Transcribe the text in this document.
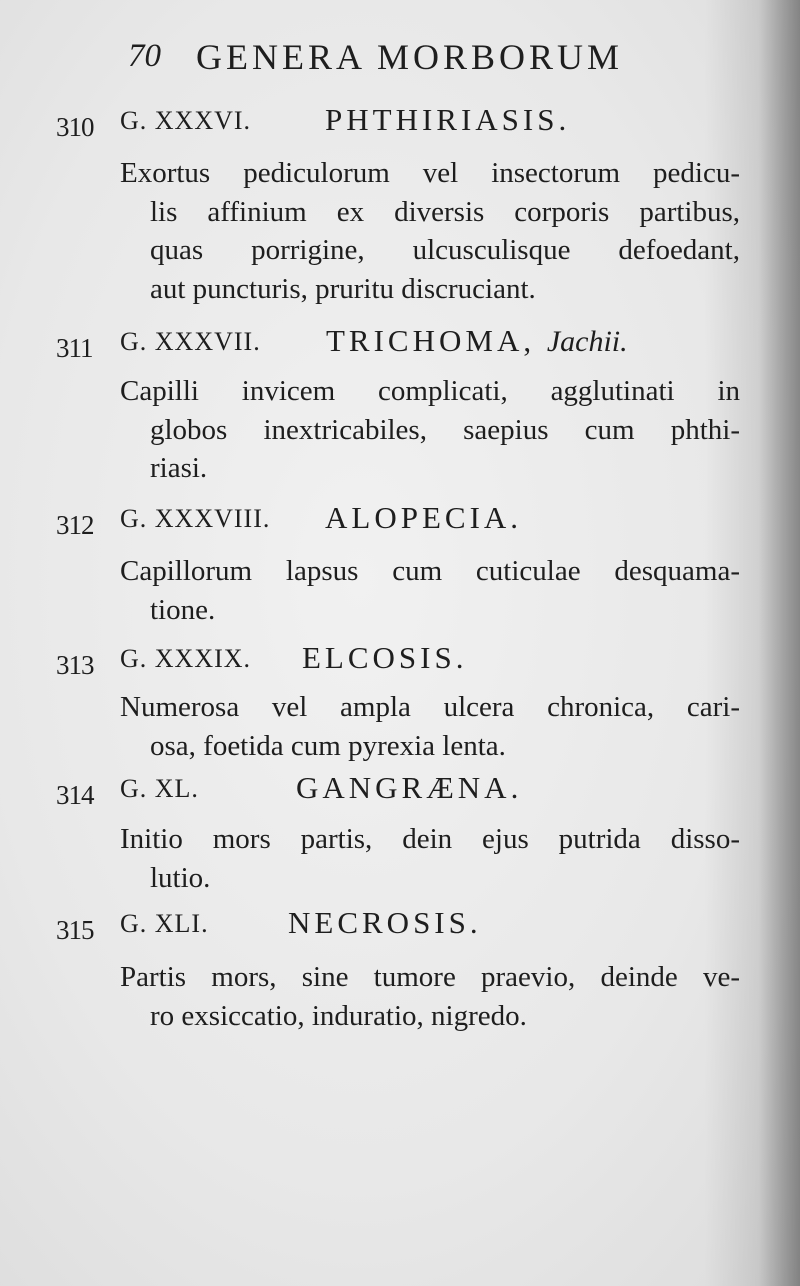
70 GENERA MORBORUM
310 G. XXXVI. PHTHIRIASIS.
Exortus pediculorum vel insectorum pedicu-
lis affinium ex diversis corporis partibus,
quas porrigine, ulcusculisque defoedant,
aut puncturis, pruritu discruciant.
311 G. XXXVII. TRICHOMA, Jachii.
Capilli invicem complicati, agglutinati in
globos inextricabiles, saepius cum phthi-
riasi.
312 G. XXXVIII. ALOPECIA.
Capillorum lapsus cum cuticulae desquama-
tione.
313 G. XXXIX. ELCOSIS.
Numerosa vel ampla ulcera chronica, cari-
osa, foetida cum pyrexia lenta.
314 G. XL.	GANGRÆNA.
Initio mors partis, dein ejus putrida disso-
lutio.
315 G. XLI.	NECROSIS.
Partis mors, sine tumore praevio, deinde ve-
ro exsiccatio, induratio, nigredo.
